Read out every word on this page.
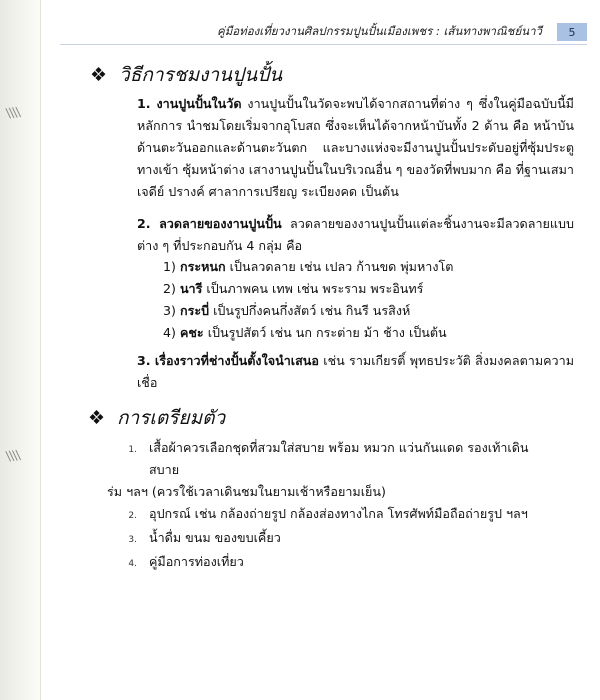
\\\\
\\\\
คู่มือท่องเที่ยวงานศิลปกรรมปูนปั้นเมืองเพชร : เส้นทางพาณิชย์นาวี	5
❖ วิธีการชมงานปูนปั้น
1. งานปูนปั้นในวัด งานปูนปั้นในวัดจะพบได้จากสถานที่ต่าง ๆ ซึ่งในคู่มือฉบับนี้มีหลักการ นำชมโดยเริ่มจากอุโบสถ ซึ่งจะเห็นได้จากหน้าบันทั้ง 2 ด้าน คือ หน้าบันด้านตะวันออกและด้านตะวันตก และบางแห่งจะมีงานปูนปั้นประดับอยู่ที่ซุ้มประตูทางเข้า ซุ้มหน้าต่าง เสางานปูนปั้นในบริเวณอื่น ๆ ของวัดที่พบมาก คือ ที่ฐานเสมา เจดีย์ ปรางค์ ศาลาการเปรียญ ระเบียงคด เป็นต้น
2. ลวดลายของงานปูนปั้น ลวดลายของงานปูนปั้นแต่ละชิ้นงานจะมีลวดลายแบบต่าง ๆ ที่ประกอบกัน 4 กลุ่ม คือ
1) กระหนก เป็นลวดลาย เช่น เปลว ก้านขด พุ่มหางโต
2) นารี เป็นภาพคน เทพ เช่น พระราม พระอินทร์
3) กระบี่ เป็นรูปกึ่งคนกึ่งสัตว์ เช่น กินรี นรสิงห์
4) คชะ เป็นรูปสัตว์ เช่น นก กระต่าย ม้า ช้าง เป็นต้น
3. เรื่องราวที่ช่างปั้นตั้งใจนำเสนอ เช่น รามเกียรติ์ พุทธประวัติ สิ่งมงคลตามความเชื่อ
❖ การเตรียมตัว
1. เสื้อผ้าควรเลือกชุดที่สวมใส่สบาย พร้อม หมวก แว่นกันแดด รองเท้าเดินสบาย
ร่ม ฯลฯ (ควรใช้เวลาเดินชมในยามเช้าหรือยามเย็น)
2. อุปกรณ์ เช่น กล้องถ่ายรูป กล้องส่องทางไกล โทรศัพท์มือถือถ่ายรูป ฯลฯ
3. น้ำดื่ม ขนม ของขบเคี้ยว
4. คู่มือการท่องเที่ยว
